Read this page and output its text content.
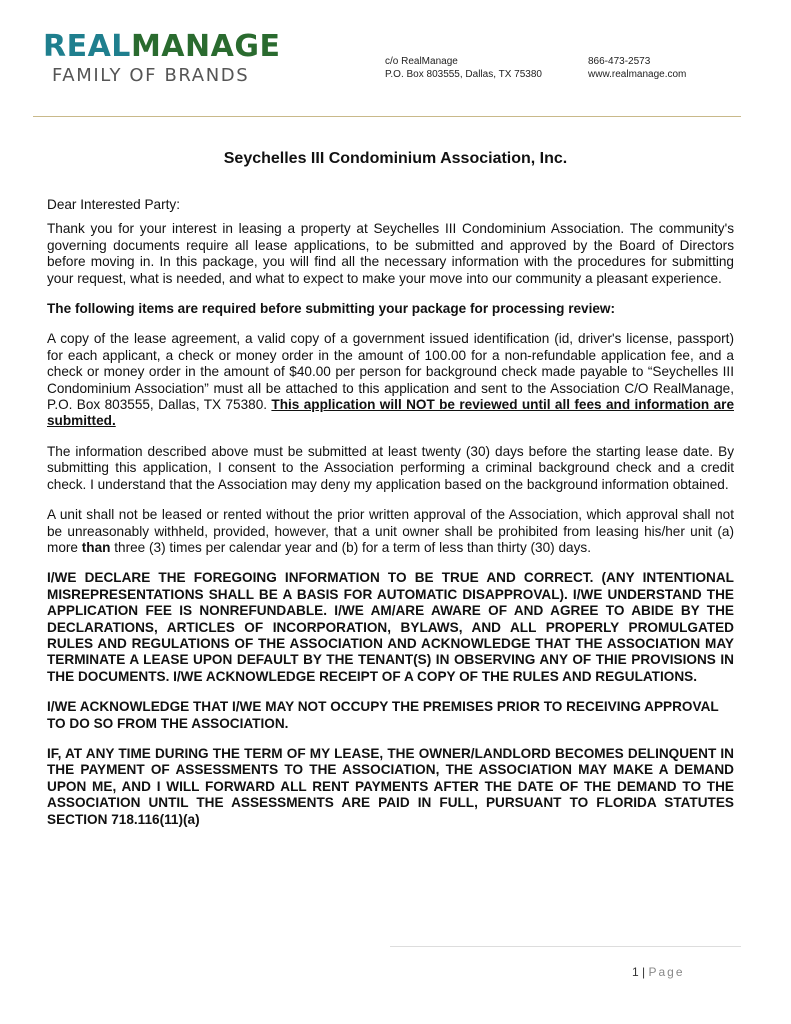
REALMANAGE
FAMILY OF BRANDS
c/o RealManage
P.O. Box 803555, Dallas, TX 75380
866-473-2573
www.realmanage.com
Seychelles III Condominium Association, Inc.

Dear Interested Party:

Thank you for your interest in leasing a property at Seychelles III Condominium Association. The community's governing documents require all lease applications, to be submitted and approved by the Board of Directors before moving in. In this package, you will find all the necessary information with the procedures for submitting your request, what is needed, and what to expect to make your move into our community a pleasant experience.

The following items are required before submitting your package for processing review:

A copy of the lease agreement, a valid copy of a government issued identification (id, driver's license, passport) for each applicant, a check or money order in the amount of 100.00 for a non-refundable application fee, and a check or money order in the amount of $40.00 per person for background check made payable to “Seychelles III Condominium Association” must all be attached to this application and sent to the Association C/O RealManage, P.O. Box 803555, Dallas, TX 75380. This application will NOT be reviewed until all fees and information are submitted.

The information described above must be submitted at least twenty (30) days before the starting lease date. By submitting this application, I consent to the Association performing a criminal background check and a credit check. I understand that the Association may deny my application based on the background information obtained.

A unit shall not be leased or rented without the prior written approval of the Association, which approval shall not be unreasonably withheld, provided, however, that a unit owner shall be prohibited from leasing his/her unit (a) more than three (3) times per calendar year and (b) for a term of less than thirty (30) days.

I/WE DECLARE THE FOREGOING INFORMATION TO BE TRUE AND CORRECT. (ANY INTENTIONAL MISREPRESENTATIONS SHALL BE A BASIS FOR AUTOMATIC DISAPPROVAL). I/WE UNDERSTAND THE APPLICATION FEE IS NONREFUNDABLE. I/WE AM/ARE AWARE OF AND AGREE TO ABIDE BY THE DECLARATIONS, ARTICLES OF INCORPORATION, BYLAWS, AND ALL PROPERLY PROMULGATED RULES AND REGULATIONS OF THE ASSOCIATION AND ACKNOWLEDGE THAT THE ASSOCIATION MAY TERMINATE A LEASE UPON DEFAULT BY THE TENANT(S) IN OBSERVING ANY OF THIE PROVISIONS IN THE DOCUMENTS. I/WE ACKNOWLEDGE RECEIPT OF A COPY OF THE RULES AND REGULATIONS.

I/WE ACKNOWLEDGE THAT I/WE MAY NOT OCCUPY THE PREMISES PRIOR TO RECEIVING APPROVAL TO DO SO FROM THE ASSOCIATION.

IF, AT ANY TIME DURING THE TERM OF MY LEASE, THE OWNER/LANDLORD BECOMES DELINQUENT IN THE PAYMENT OF ASSESSMENTS TO THE ASSOCIATION, THE ASSOCIATION MAY MAKE A DEMAND UPON ME, AND I WILL FORWARD ALL RENT PAYMENTS AFTER THE DATE OF THE DEMAND TO THE ASSOCIATION UNTIL THE ASSESSMENTS ARE PAID IN FULL, PURSUANT TO FLORIDA STATUTES SECTION 718.116(11)(a)

1 | Page
